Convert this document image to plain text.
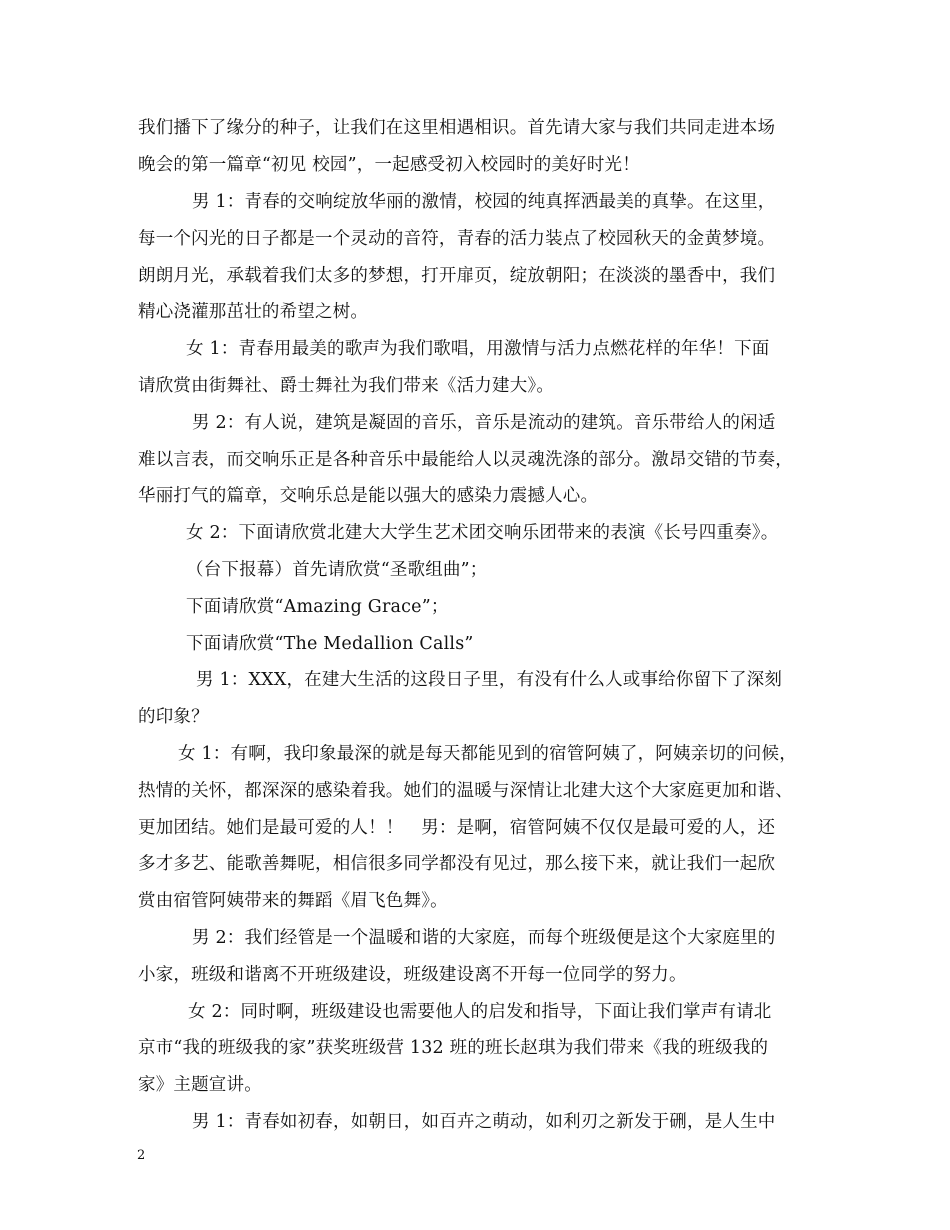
我们播下了缘分的种子，让我们在这里相遇相识。首先请大家与我们共同走进本场
晚会的第一篇章“初见 校园”，一起感受初入校园时的美好时光！
男 1：青春的交响绽放华丽的激情，校园的纯真挥洒最美的真挚。在这里，
每一个闪光的日子都是一个灵动的音符，青春的活力装点了校园秋天的金黄梦境。
朗朗月光，承载着我们太多的梦想，打开扉页，绽放朝阳；在淡淡的墨香中，我们
精心浇灌那茁壮的希望之树。
女 1：青春用最美的歌声为我们歌唱，用激情与活力点燃花样的年华！下面
请欣赏由街舞社、爵士舞社为我们带来《活力建大》。
男 2：有人说，建筑是凝固的音乐，音乐是流动的建筑。音乐带给人的闲适
难以言表，而交响乐正是各种音乐中最能给人以灵魂洗涤的部分。激昂交错的节奏，
华丽打气的篇章，交响乐总是能以强大的感染力震撼人心。
女 2：下面请欣赏北建大大学生艺术团交响乐团带来的表演《长号四重奏》。
（台下报幕）首先请欣赏“圣歌组曲”；
下面请欣赏“Amazing Grace”；
下面请欣赏“The Medallion Calls”
男 1：XXX，在建大生活的这段日子里，有没有什么人或事给你留下了深刻
的印象？
女 1：有啊，我印象最深的就是每天都能见到的宿管阿姨了，阿姨亲切的问候，
热情的关怀，都深深的感染着我。她们的温暖与深情让北建大这个大家庭更加和谐、
更加团结。她们是最可爱的人！！　男：是啊，宿管阿姨不仅仅是最可爱的人，还
多才多艺、能歌善舞呢，相信很多同学都没有见过，那么接下来，就让我们一起欣
赏由宿管阿姨带来的舞蹈《眉飞色舞》。
男 2：我们经管是一个温暖和谐的大家庭，而每个班级便是这个大家庭里的
小家，班级和谐离不开班级建设，班级建设离不开每一位同学的努力。
女 2：同时啊，班级建设也需要他人的启发和指导，下面让我们掌声有请北
京市“我的班级我的家”获奖班级营 132 班的班长赵琪为我们带来《我的班级我的
家》主题宣讲。
男 1：青春如初春，如朝日，如百卉之萌动，如利刃之新发于硎，是人生中
2
